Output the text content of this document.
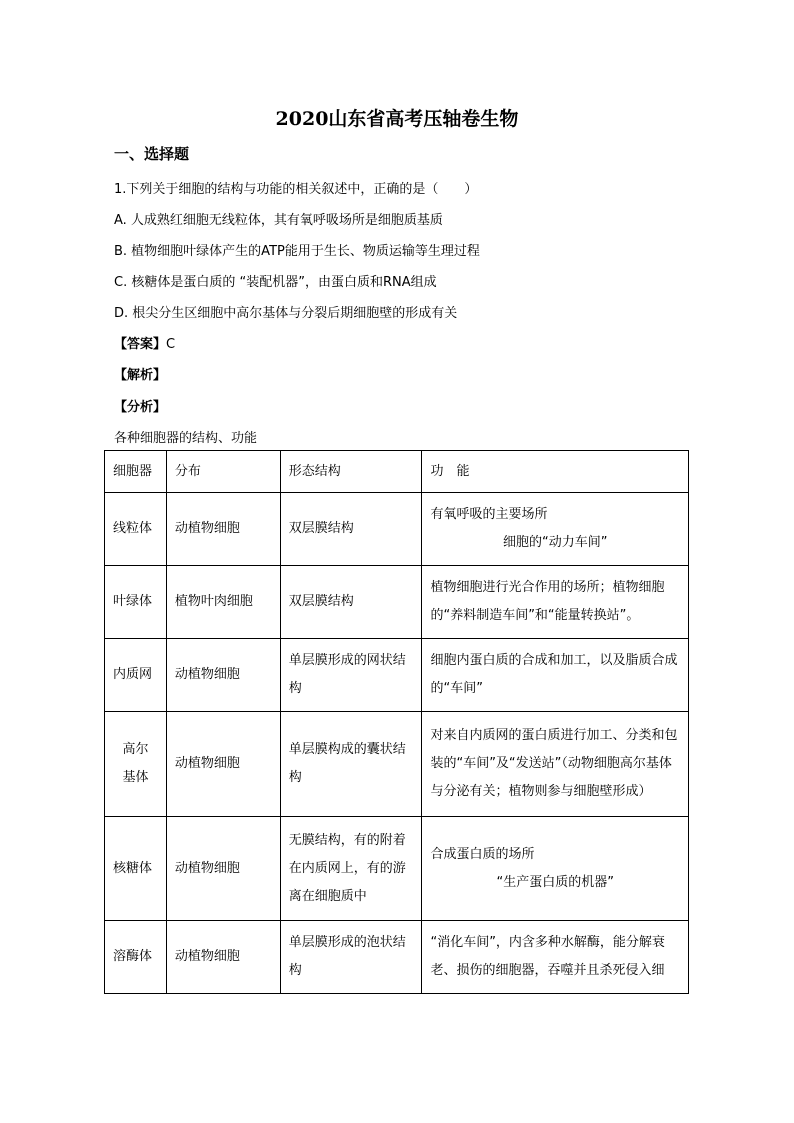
2020山东省高考压轴卷生物
一、选择题
1.下列关于细胞的结构与功能的相关叙述中，正确的是（　　）
A. 人成熟红细胞无线粒体，其有氧呼吸场所是细胞质基质
B. 植物细胞叶绿体产生的ATP能用于生长、物质运输等生理过程
C. 核糖体是蛋白质的 “装配机器”，由蛋白质和RNA组成
D. 根尖分生区细胞中高尔基体与分裂后期细胞壁的形成有关
【答案】C
【解析】
【分析】
各种细胞器的结构、功能
细胞器	分布	形态结构	功　能
线粒体	动植物细胞	双层膜结构	有氧呼吸的主要场所
细胞的“动力车间”

叶绿体	植物叶肉细胞	双层膜结构	植物细胞进行光合作用的场所；植物细胞的“养料制造车间”和“能量转换站”。
内质网	动植物细胞	单层膜形成的网状结构	细胞内蛋白质的合成和加工，以及脂质合成的“车间”
高尔
基体	动植物细胞	单层膜构成的囊状结构	对来自内质网的蛋白质进行加工、分类和包装的“车间”及“发送站”（动物细胞高尔基体与分泌有关；植物则参与细胞壁形成）
核糖体	动植物细胞	无膜结构，有的附着在内质网上，有的游离在细胞质中	合成蛋白质的场所
“生产蛋白质的机器”

溶酶体	动植物细胞	单层膜形成的泡状结构	“消化车间”，内含多种水解酶，能分解衰老、损伤的细胞器，吞噬并且杀死侵入细
